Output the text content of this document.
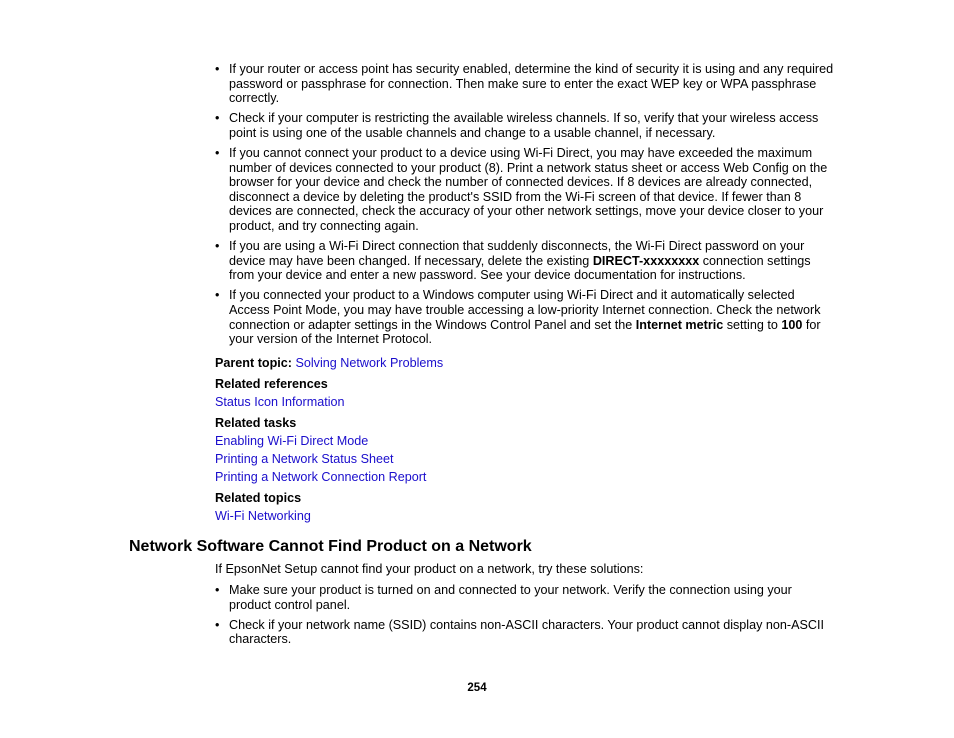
• If your router or access point has security enabled, determine the kind of security it is using and any required password or passphrase for connection. Then make sure to enter the exact WEP key or WPA passphrase correctly.
• Check if your computer is restricting the available wireless channels. If so, verify that your wireless access point is using one of the usable channels and change to a usable channel, if necessary.
• If you cannot connect your product to a device using Wi-Fi Direct, you may have exceeded the maximum number of devices connected to your product (8). Print a network status sheet or access Web Config on the browser for your device and check the number of connected devices. If 8 devices are already connected, disconnect a device by deleting the product's SSID from the Wi-Fi screen of that device. If fewer than 8 devices are connected, check the accuracy of your other network settings, move your device closer to your product, and try connecting again.
• If you are using a Wi-Fi Direct connection that suddenly disconnects, the Wi-Fi Direct password on your device may have been changed. If necessary, delete the existing DIRECT-xxxxxxxx connection settings from your device and enter a new password. See your device documentation for instructions.
• If you connected your product to a Windows computer using Wi-Fi Direct and it automatically selected Access Point Mode, you may have trouble accessing a low-priority Internet connection. Check the network connection or adapter settings in the Windows Control Panel and set the Internet metric setting to 100 for your version of the Internet Protocol.
Parent topic: Solving Network Problems
Related references
Status Icon Information
Related tasks
Enabling Wi-Fi Direct Mode
Printing a Network Status Sheet
Printing a Network Connection Report
Related topics
Wi-Fi Networking
Network Software Cannot Find Product on a Network
If EpsonNet Setup cannot find your product on a network, try these solutions:
• Make sure your product is turned on and connected to your network. Verify the connection using your product control panel.
• Check if your network name (SSID) contains non-ASCII characters. Your product cannot display non-ASCII characters.
254
